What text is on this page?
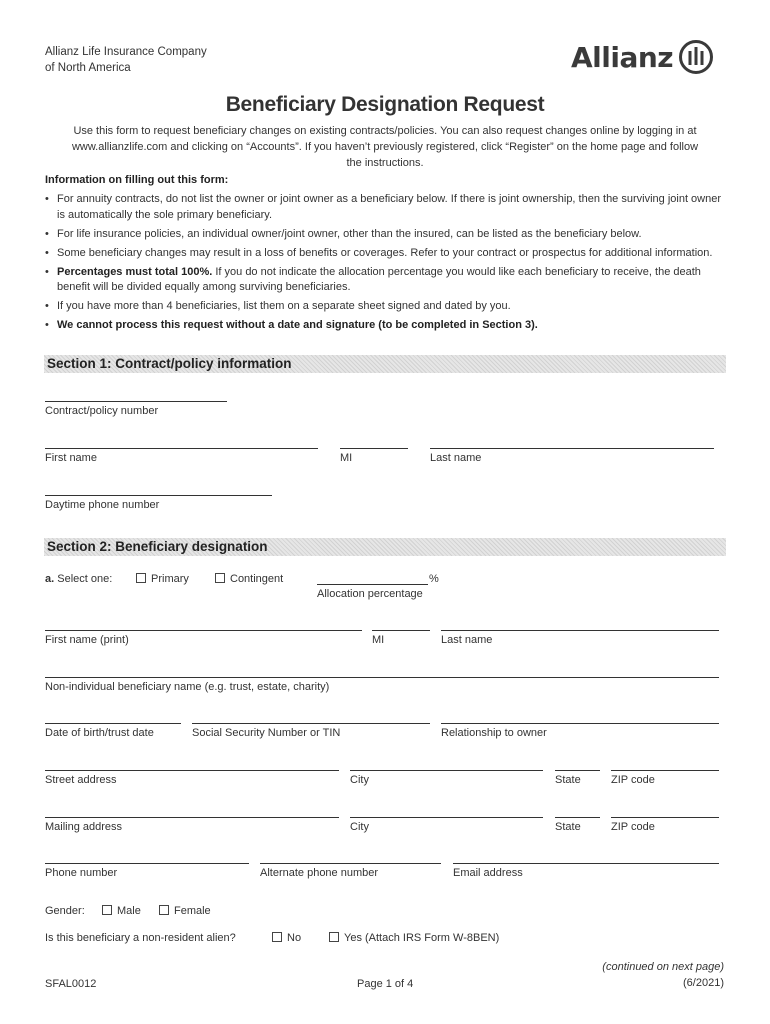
Allianz Life Insurance Company
of North America	Allianz
Beneficiary Designation Request
Use this form to request beneficiary changes on existing contracts/policies. You can also request changes online by logging in at
www.allianzlife.com and clicking on “Accounts”. If you haven’t previously registered, click “Register” on the home page and follow
the instructions.
Information on filling out this form:
• For annuity contracts, do not list the owner or joint owner as a beneficiary below. If there is joint ownership, then the surviving joint owner is automatically the sole primary beneficiary.
• For life insurance policies, an individual owner/joint owner, other than the insured, can be listed as the beneficiary below.
• Some beneficiary changes may result in a loss of benefits or coverages. Refer to your contract or prospectus for additional information.
• Percentages must total 100%. If you do not indicate the allocation percentage you would like each beneficiary to receive, the death benefit will be divided equally among surviving beneficiaries.
• If you have more than 4 beneficiaries, list them on a separate sheet signed and dated by you.
• We cannot process this request without a date and signature (to be completed in Section 3).
Section 1: Contract/policy information
Contract/policy number
First name	MI	Last name
Daytime phone number
Section 2: Beneficiary designation
a. Select one:	Primary	Contingent	%
Allocation percentage
First name (print)	MI	Last name
Non-individual beneficiary name (e.g. trust, estate, charity)
Date of birth/trust date	Social Security Number or TIN	Relationship to owner
Street address	City	State	ZIP code
Mailing address	City	State	ZIP code
Phone number	Alternate phone number	Email address
Gender:	Male	Female
Is this beneficiary a non-resident alien?	No	Yes (Attach IRS Form W-8BEN)
SFAL0012	Page 1 of 4
(continued on next page)
(6/2021)
